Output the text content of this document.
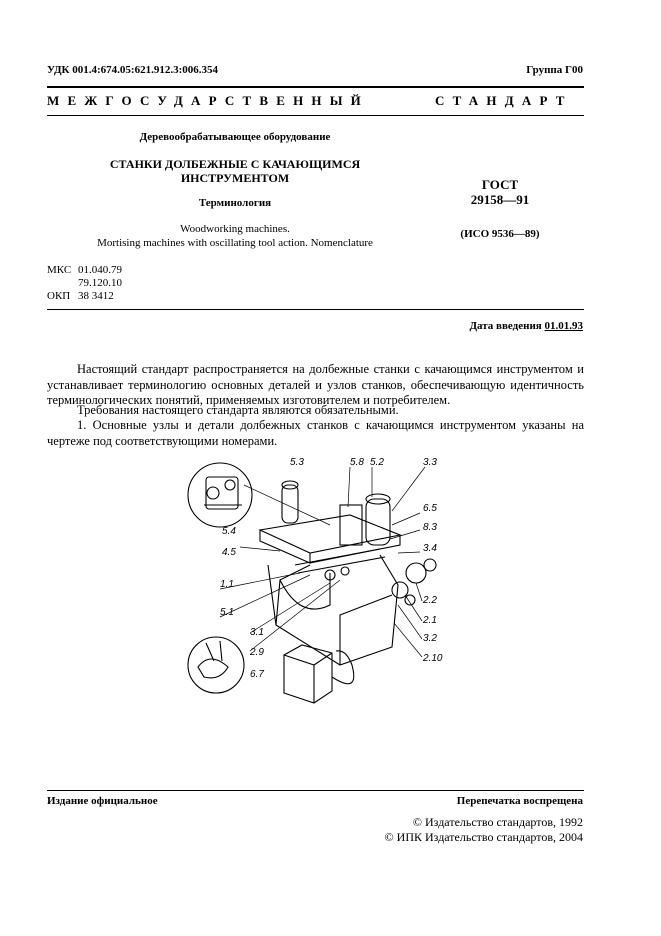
УДК 001.4:674.05:621.912.3:006.354	Группа Г00
МЕЖГОСУДАРСТВЕННЫЙ	СТАНДАРТ
Деревообрабатывающее оборудование
СТАНКИ ДОЛБЕЖНЫЕ С КАЧАЮЩИМСЯ
ИНСТРУМЕНТОМ
Терминология
Woodworking machines.
Mortising machines with oscillating tool action. Nomenclature
ГОСТ
29158—91
(ИСО 9536—89)
МКС 01.040.79
79.120.10
ОКП 38 3412
Дата введения 01.01.93
Настоящий стандарт распространяется на долбежные станки с качающимся инструментом и устанавливает терминологию основных деталей и узлов станков, обеспечивающую идентичность терминологических понятий, применяемых изготовителем и потребителем.
Требования настоящего стандарта являются обязательными.
1. Основные узлы и детали долбежных станков с качающимся инструментом указаны на чертеже под соответствующими номерами.
5.3	5.8 5.2	3.3
6.5
8.3
3.4
5.4
4.5
1.1
5.1
3.1
2.9
6.7
2.2
2.1
3.2
2.10
Издание официальное	Перепечатка воспрещена
© Издательство стандартов, 1992
© ИПК Издательство стандартов, 2004
